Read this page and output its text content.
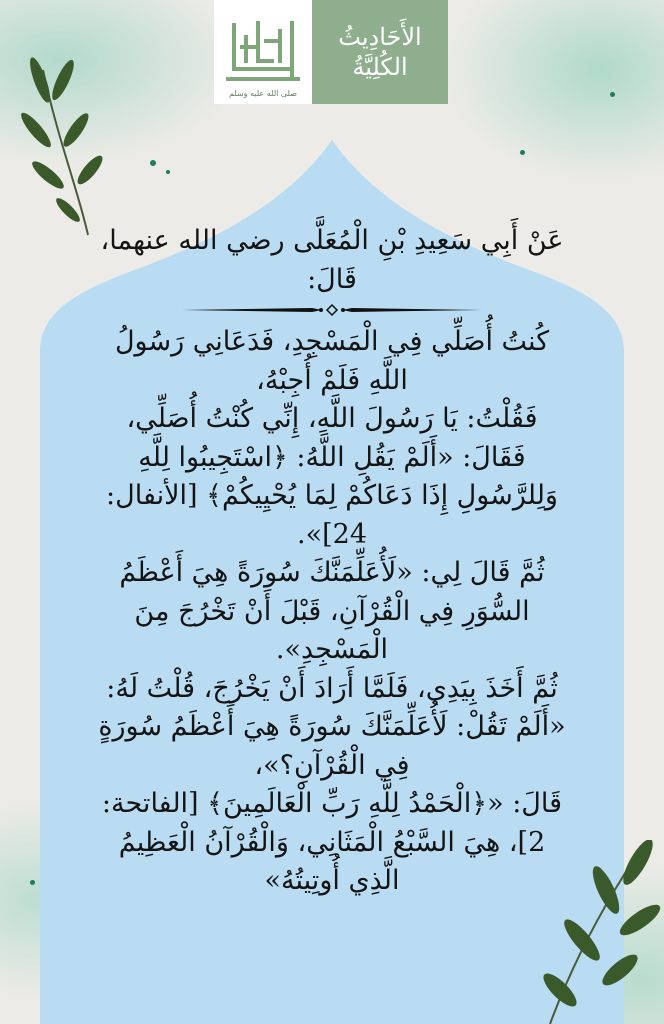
صلى الله عليه وسلم
الأَحَادِيثُ
الكُلِيَّةُ
عَنْ أَبِي سَعِيدِ بْنِ الْمُعَلَّى رضي الله عنهما،
قَالَ:
كُنتُ أُصَلِّي فِي الْمَسْجِدِ، فَدَعَانِي رَسُولُ
اللَّهِ فَلَمْ أُجِبْهُ،
فَقُلْتُ: يَا رَسُولَ اللَّهِ، إِنِّي كُنْتُ أُصَلِّي،
فَقَالَ: «أَلَمْ يَقُلِ اللَّهُ: ﴿اسْتَجِيبُوا لِلَّهِ
وَلِلرَّسُولِ إِذَا دَعَاكُمْ لِمَا يُحْيِيكُمْ﴾ [الأنفال:
24]».
ثُمَّ قَالَ لِي: «لَأُعَلِّمَنَّكَ سُورَةً هِيَ أَعْظَمُ
السُّوَرِ فِي الْقُرْآنِ، قَبْلَ أَنْ تَخْرُجَ مِنَ
الْمَسْجِدِ».
ثُمَّ أَخَذَ بِيَدِي، فَلَمَّا أَرَادَ أَنْ يَخْرُجَ، قُلْتُ لَهُ:
«أَلَمْ تَقُلْ: لَأُعَلِّمَنَّكَ سُورَةً هِيَ أَعْظَمُ سُورَةٍ
فِي الْقُرْآنِ؟»،
قَالَ: «﴿الْحَمْدُ لِلَّهِ رَبِّ الْعَالَمِينَ﴾ [الفاتحة:
2]، هِيَ السَّبْعُ الْمَثَانِي، وَالْقُرْآنُ الْعَظِيمُ
الَّذِي أُوتِيتُهُ»
